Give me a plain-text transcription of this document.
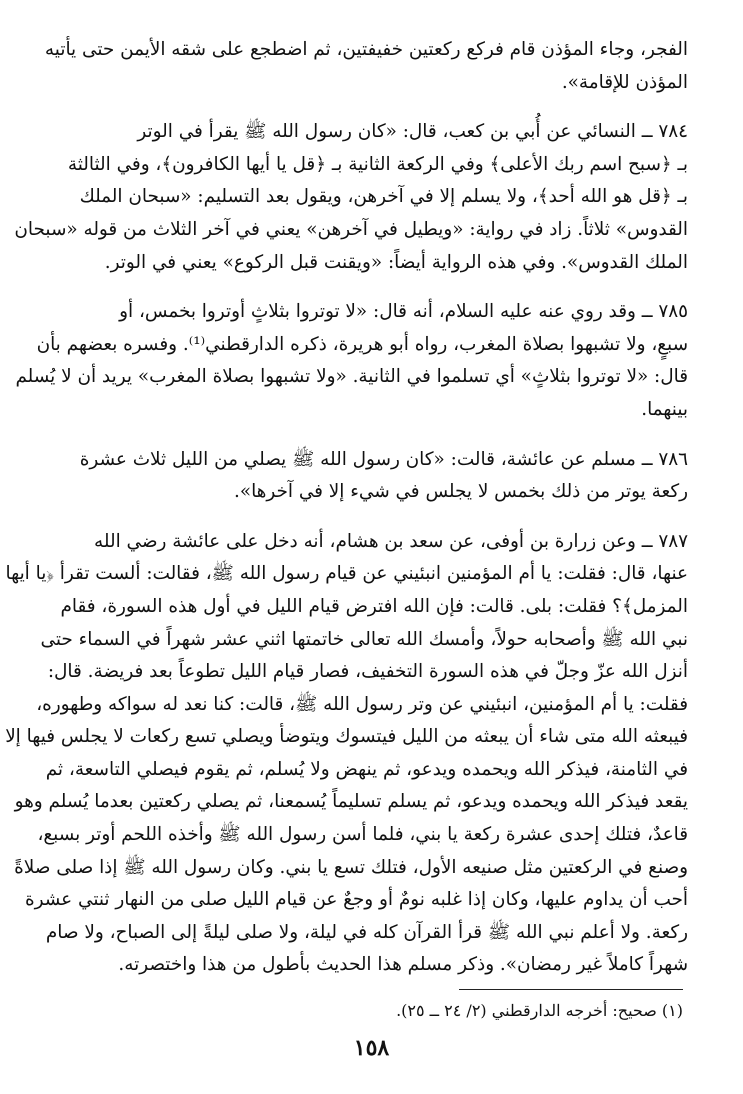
الفجر، وجاء المؤذن قام فركع ركعتين خفيفتين، ثم اضطجع على شقه الأيمن حتى يأتيه
المؤذن للإقامة».
٧٨٤ ــ النسائي عن أُبي بن كعب، قال: «كان رسول الله ﷺ يقرأ في الوتر
بـ ﴿سبح اسم ربك الأعلى﴾ وفي الركعة الثانية بـ ﴿قل يا أيها الكافرون﴾، وفي الثالثة
بـ ﴿قل هو الله أحد﴾، ولا يسلم إلا في آخرهن، ويقول بعد التسليم: «سبحان الملك
القدوس» ثلاثاً. زاد في رواية: «ويطيل في آخرهن» يعني في آخر الثلاث من قوله «سبحان
الملك القدوس». وفي هذه الرواية أيضاً: «ويقنت قبل الركوع» يعني في الوتر.
٧٨٥ ــ وقد روي عنه عليه السلام، أنه قال: «لا توتروا بثلاثٍ أوتروا بخمس، أو
سبعٍ، ولا تشبهوا بصلاة المغرب، رواه أبو هريرة، ذكره الدارقطني⁽¹⁾. وفسره بعضهم بأن
قال: «لا توتروا بثلاثٍ» أي تسلموا في الثانية. «ولا تشبهوا بصلاة المغرب» يريد أن لا يُسلم
بينهما.
٧٨٦ ــ مسلم عن عائشة، قالت: «كان رسول الله ﷺ يصلي من الليل ثلاث عشرة
ركعة يوتر من ذلك بخمس لا يجلس في شيء إلا في آخرها».
٧٨٧ ــ وعن زرارة بن أوفى، عن سعد بن هشام، أنه دخل على عائشة رضي الله
عنها، قال: فقلت: يا أم المؤمنين انبئيني عن قيام رسول الله ﷺ، فقالت: ألست تقرأ ﴿يا أيها
المزمل﴾؟ فقلت: بلى. قالت: فإن الله افترض قيام الليل في أول هذه السورة، فقام
نبي الله ﷺ وأصحابه حولاً، وأمسك الله تعالى خاتمتها اثني عشر شهراً في السماء حتى
أنزل الله عزّ وجلّ في هذه السورة التخفيف، فصار قيام الليل تطوعاً بعد فريضة. قال:
فقلت: يا أم المؤمنين، انبئيني عن وتر رسول الله ﷺ، قالت: كنا نعد له سواكه وطهوره،
فيبعثه الله متى شاء أن يبعثه من الليل فيتسوك ويتوضأ ويصلي تسع ركعات لا يجلس فيها إلا
في الثامنة، فيذكر الله ويحمده ويدعو، ثم ينهض ولا يُسلم، ثم يقوم فيصلي التاسعة، ثم
يقعد فيذكر الله ويحمده ويدعو، ثم يسلم تسليماً يُسمعنا، ثم يصلي ركعتين بعدما يُسلم وهو
قاعدٌ، فتلك إحدى عشرة ركعة يا بني، فلما أسن رسول الله ﷺ وأخذه اللحم أوتر بسبع،
وصنع في الركعتين مثل صنيعه الأول، فتلك تسع يا بني. وكان رسول الله ﷺ إذا صلى صلاةً
أحب أن يداوم عليها، وكان إذا غلبه نومٌ أو وجعٌ عن قيام الليل صلى من النهار ثنتي عشرة
ركعة. ولا أعلم نبي الله ﷺ قرأ القرآن كله في ليلة، ولا صلى ليلةً إلى الصباح، ولا صام
شهراً كاملاً غير رمضان». وذكر مسلم هذا الحديث بأطول من هذا واختصرته.
(١) صحيح: أخرجه الدارقطني (٢/ ٢٤ ــ ٢٥).
١٥٨
